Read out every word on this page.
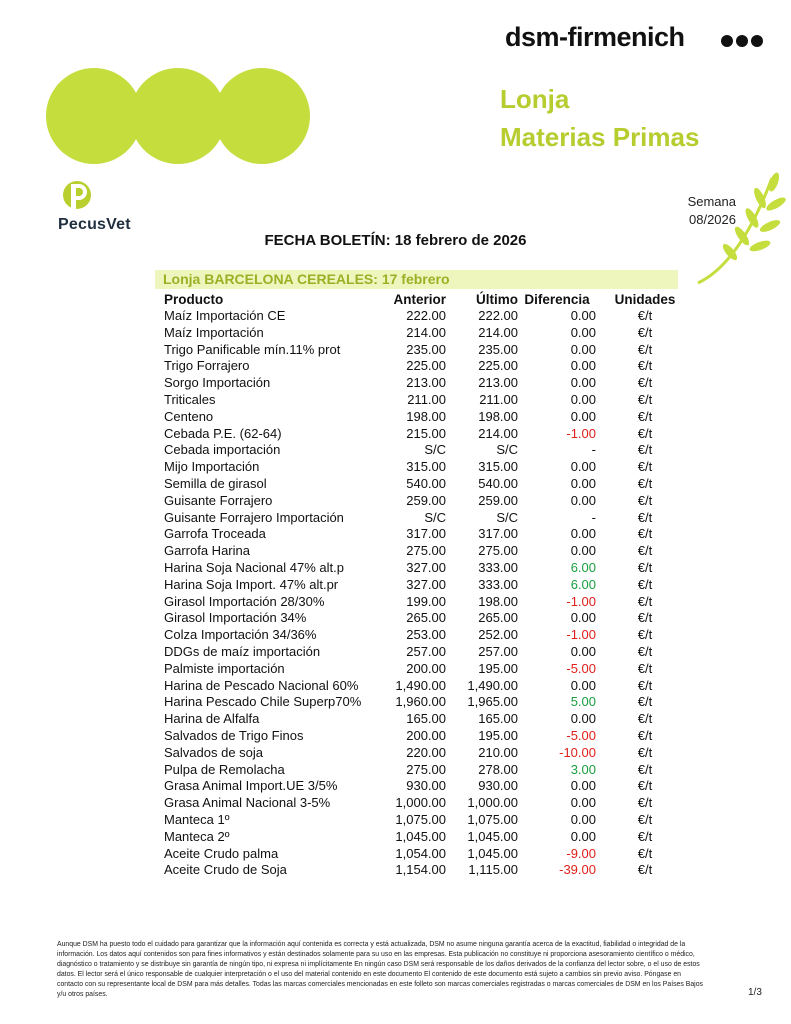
dsm-firmenich
Lonja
Materias Primas
PecusVet
Semana
08/2026
FECHA BOLETÍN: 18 febrero de 2026
Lonja BARCELONA CEREALES: 17 febrero
Producto	Anterior	Último	Diferencia	Unidades
Maíz Importación CE	222.00	222.00	0.00	€/t
Maíz Importación	214.00	214.00	0.00	€/t
Trigo Panificable mín.11% prot	235.00	235.00	0.00	€/t
Trigo Forrajero	225.00	225.00	0.00	€/t
Sorgo Importación	213.00	213.00	0.00	€/t
Triticales	211.00	211.00	0.00	€/t
Centeno	198.00	198.00	0.00	€/t
Cebada P.E. (62-64)	215.00	214.00	-1.00	€/t
Cebada importación	S/C	S/C	-	€/t
Mijo Importación	315.00	315.00	0.00	€/t
Semilla de girasol	540.00	540.00	0.00	€/t
Guisante Forrajero	259.00	259.00	0.00	€/t
Guisante Forrajero Importación	S/C	S/C	-	€/t
Garrofa Troceada	317.00	317.00	0.00	€/t
Garrofa Harina	275.00	275.00	0.00	€/t
Harina Soja Nacional 47% alt.p	327.00	333.00	6.00	€/t
Harina Soja Import. 47% alt.pr	327.00	333.00	6.00	€/t
Girasol Importación 28/30%	199.00	198.00	-1.00	€/t
Girasol Importación 34%	265.00	265.00	0.00	€/t
Colza Importación 34/36%	253.00	252.00	-1.00	€/t
DDGs de maíz importación	257.00	257.00	0.00	€/t
Palmiste importación	200.00	195.00	-5.00	€/t
Harina de Pescado Nacional 60%	1,490.00	1,490.00	0.00	€/t
Harina Pescado Chile Superp70%	1,960.00	1,965.00	5.00	€/t
Harina de Alfalfa	165.00	165.00	0.00	€/t
Salvados de Trigo Finos	200.00	195.00	-5.00	€/t
Salvados de soja	220.00	210.00	-10.00	€/t
Pulpa de Remolacha	275.00	278.00	3.00	€/t
Grasa Animal Import.UE 3/5%	930.00	930.00	0.00	€/t
Grasa Animal Nacional 3-5%	1,000.00	1,000.00	0.00	€/t
Manteca 1º	1,075.00	1,075.00	0.00	€/t
Manteca 2º	1,045.00	1,045.00	0.00	€/t
Aceite Crudo palma	1,054.00	1,045.00	-9.00	€/t
Aceite Crudo de Soja	1,154.00	1,115.00	-39.00	€/t
Aunque DSM ha puesto todo el cuidado para garantizar que la información aquí contenida es correcta y está actualizada, DSM no asume ninguna garantía acerca de la exactitud, fiabilidad o integridad de la información. Los datos aquí contenidos son para fines informativos y están destinados solamente para su uso en las empresas. Esta publicación no constituye ni proporciona asesoramiento científico o médico, diagnóstico o tratamiento y se distribuye sin garantía de ningún tipo, ni expresa ni implícitamente En ningún caso DSM será responsable de los daños derivados de la confianza del lector sobre, o el uso de estos datos. El lector será el único responsable de cualquier interpretación o el uso del material contenido en este documento El contenido de este documento está sujeto a cambios sin previo aviso. Póngase en contacto con su representante local de DSM para más detalles. Todas las marcas comerciales mencionadas en este folleto son marcas comerciales registradas o marcas comerciales de DSM en los Países Bajos y/u otros países.	1/3
